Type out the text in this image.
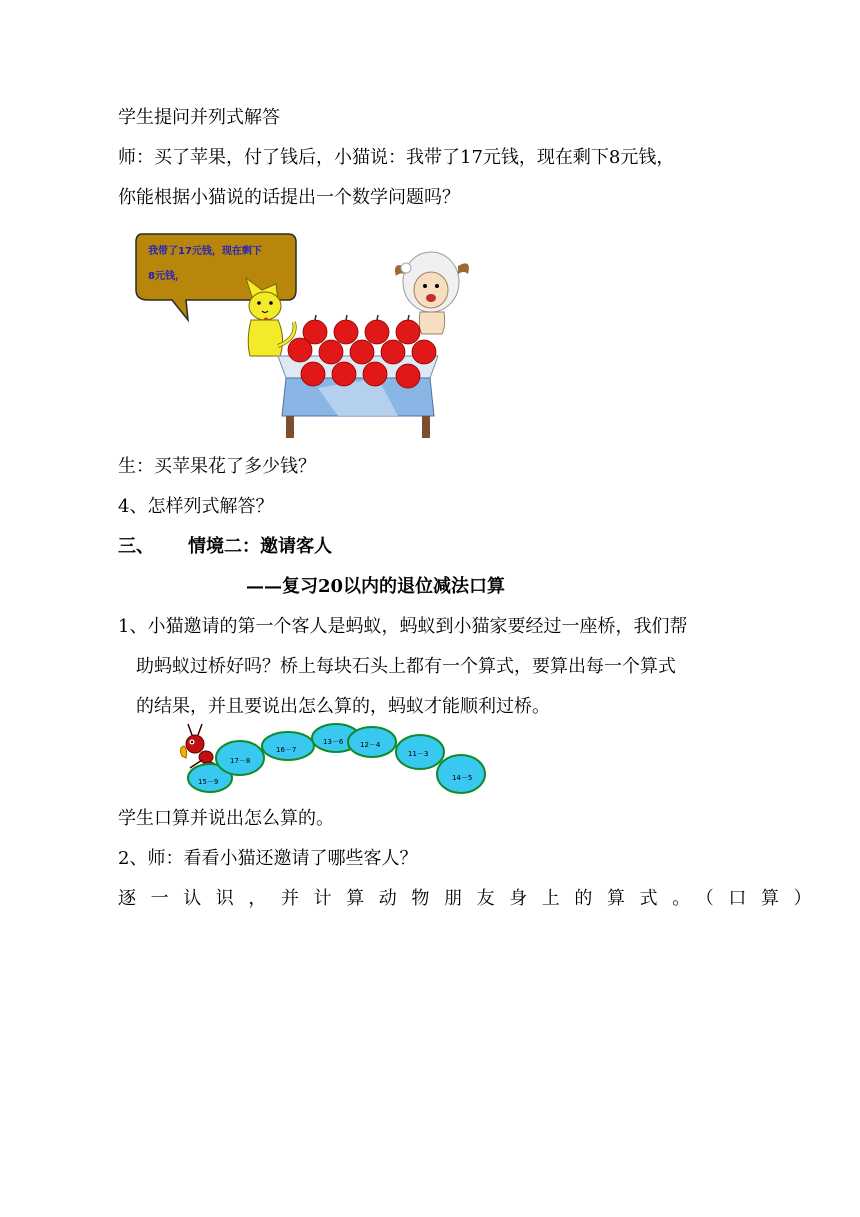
学生提问并列式解答
师：买了苹果，付了钱后，小猫说：我带了17元钱，现在剩下8元钱，
你能根据小猫说的话提出一个数学问题吗？
我带了17元钱，现在剩下
8元钱，
生：买苹果花了多少钱？
4、怎样列式解答？
三、 情境二：邀请客人
——复习20以内的退位减法口算
1、小猫邀请的第一个客人是蚂蚁，蚂蚁到小猫家要经过一座桥，我们帮
助蚂蚁过桥好吗？桥上每块石头上都有一个算式，要算出每一个算式
的结果，并且要说出怎么算的，蚂蚁才能顺利过桥。
15－9
17－8
16－7
13－6 12－4
11－3
14－5
学生口算并说出怎么算的。
2、师：看看小猫还邀请了哪些客人？
逐一认识，并计算动物朋友身上的算式。（口算）
